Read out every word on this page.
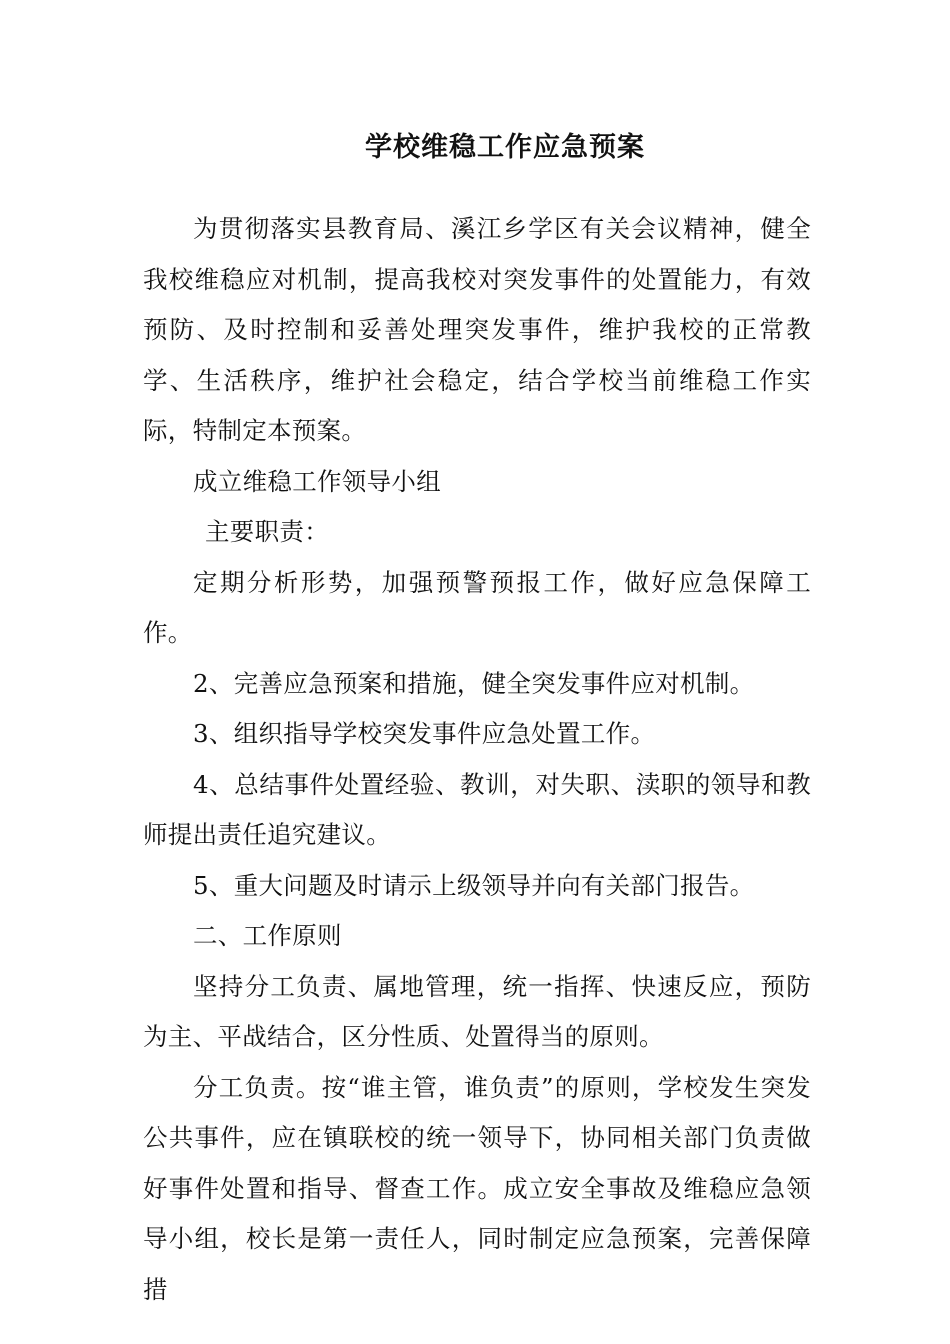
学校维稳工作应急预案

为贯彻落实县教育局、溪江乡学区有关会议精神，健全我校维稳应对机制，提高我校对突发事件的处置能力，有效预防、及时控制和妥善处理突发事件，维护我校的正常教学、生活秩序，维护社会稳定，结合学校当前维稳工作实际，特制定本预案。

成立维稳工作领导小组

主要职责：

定期分析形势，加强预警预报工作，做好应急保障工作。

2、完善应急预案和措施，健全突发事件应对机制。

3、组织指导学校突发事件应急处置工作。

4、总结事件处置经验、教训，对失职、渎职的领导和教师提出责任追究建议。

5、重大问题及时请示上级领导并向有关部门报告。

二、工作原则

坚持分工负责、属地管理，统一指挥、快速反应，预防为主、平战结合，区分性质、处置得当的原则。

分工负责。按“谁主管，谁负责”的原则，学校发生突发公共事件，应在镇联校的统一领导下，协同相关部门负责做好事件处置和指导、督查工作。成立安全事故及维稳应急领导小组，校长是第一责任人，同时制定应急预案，完善保障措
